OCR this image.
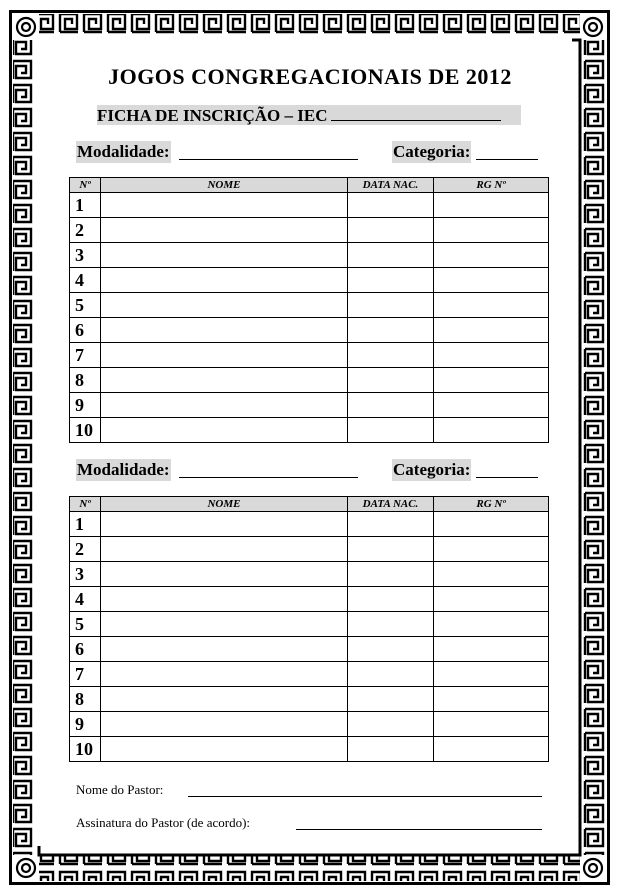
JOGOS CONGREGACIONAIS DE 2012
FICHA DE INSCRIÇÃO – IEC
Modalidade:	Categoria:
Nº	NOME	DATA NAC.	RG Nº
1			
2			
3			
4			
5			
6			
7			
8			
9			
10			
Modalidade:	Categoria:
Nº	NOME	DATA NAC.	RG Nº
1			
2			
3			
4			
5			
6			
7			
8			
9			
10			
Nome do Pastor:
Assinatura do Pastor (de acordo):
